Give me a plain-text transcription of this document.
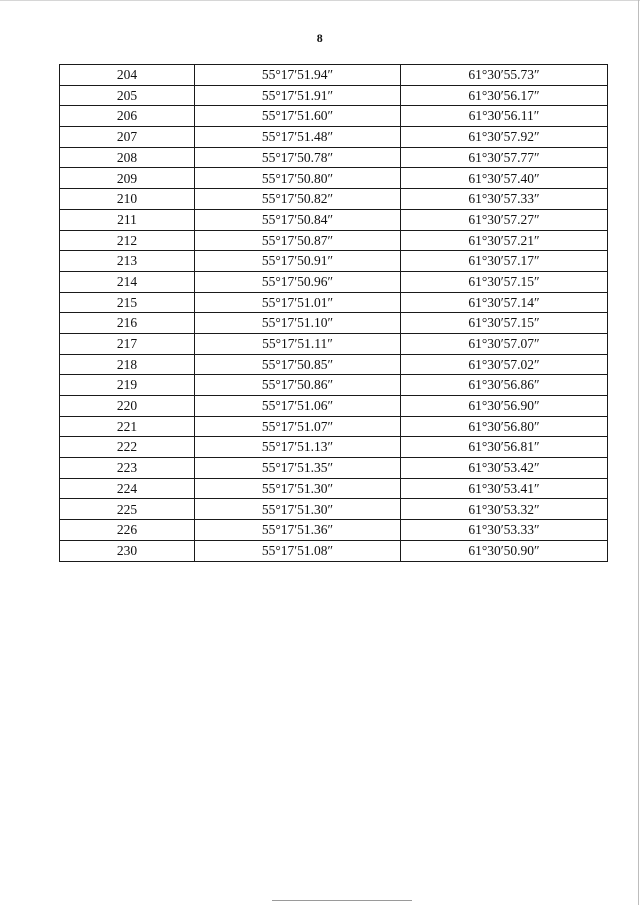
8
204	55°17′51.94″	61°30′55.73″
205	55°17′51.91″	61°30′56.17″
206	55°17′51.60″	61°30′56.11″
207	55°17′51.48″	61°30′57.92″
208	55°17′50.78″	61°30′57.77″
209	55°17′50.80″	61°30′57.40″
210	55°17′50.82″	61°30′57.33″
211	55°17′50.84″	61°30′57.27″
212	55°17′50.87″	61°30′57.21″
213	55°17′50.91″	61°30′57.17″
214	55°17′50.96″	61°30′57.15″
215	55°17′51.01″	61°30′57.14″
216	55°17′51.10″	61°30′57.15″
217	55°17′51.11″	61°30′57.07″
218	55°17′50.85″	61°30′57.02″
219	55°17′50.86″	61°30′56.86″
220	55°17′51.06″	61°30′56.90″
221	55°17′51.07″	61°30′56.80″
222	55°17′51.13″	61°30′56.81″
223	55°17′51.35″	61°30′53.42″
224	55°17′51.30″	61°30′53.41″
225	55°17′51.30″	61°30′53.32″
226	55°17′51.36″	61°30′53.33″
230	55°17′51.08″	61°30′50.90″
